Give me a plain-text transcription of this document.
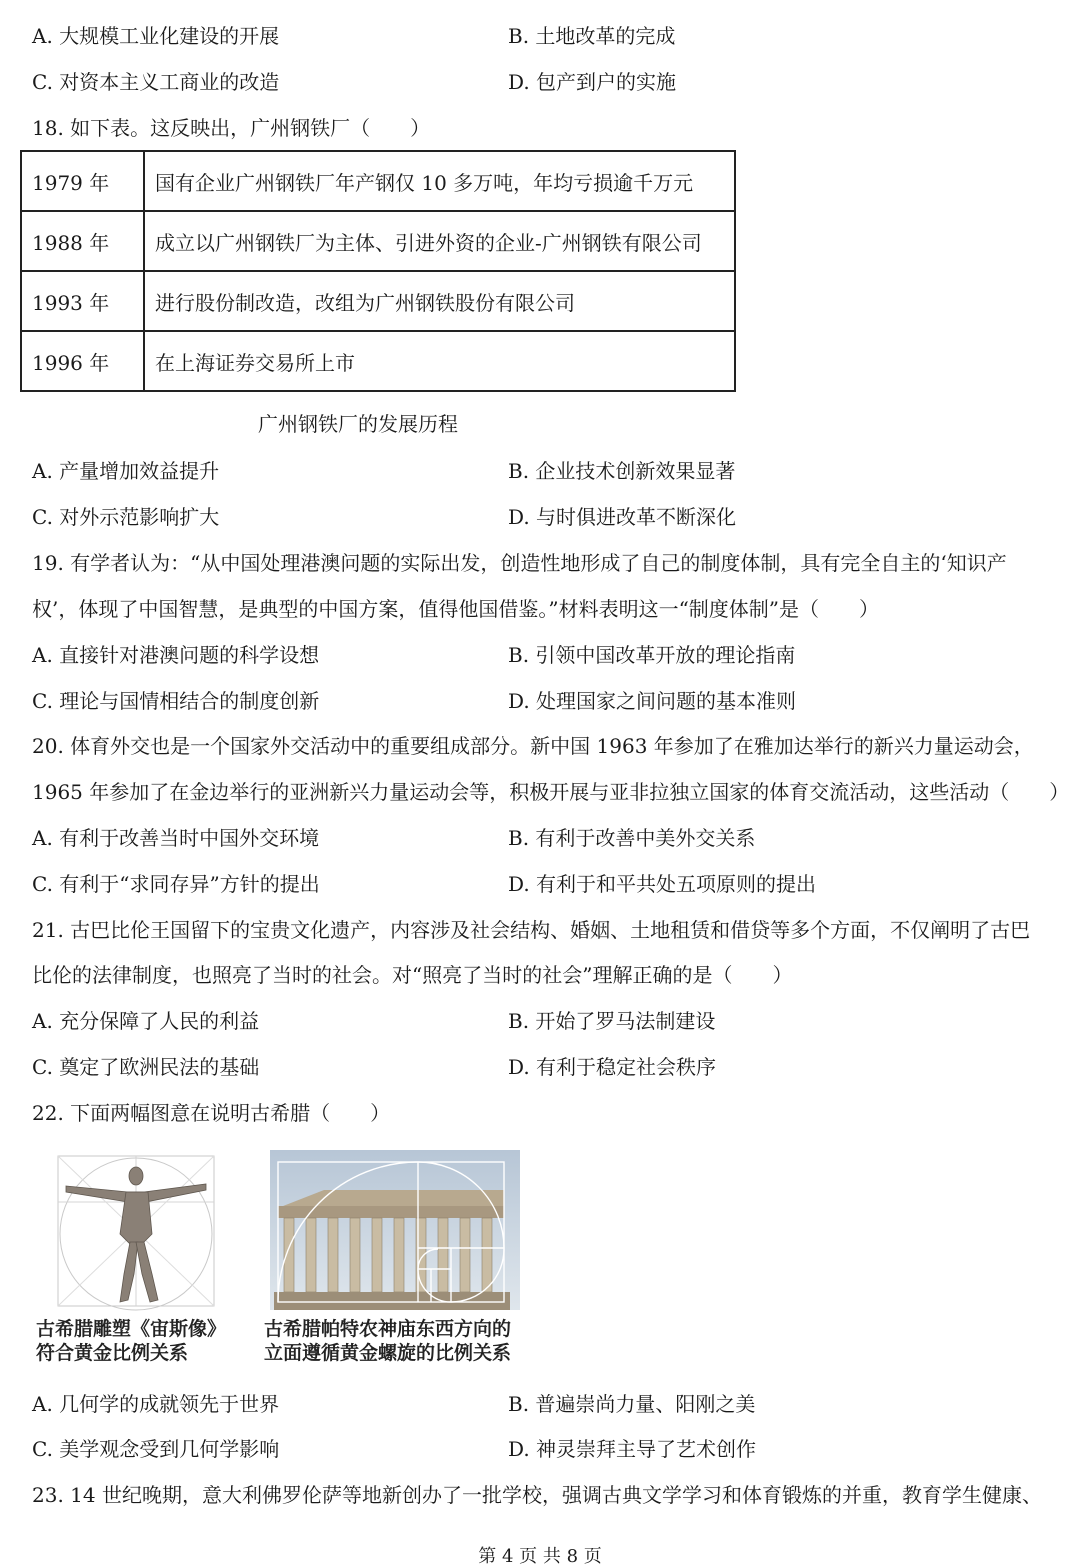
A. 大规模工业化建设的开展	B. 土地改革的完成
C. 对资本主义工商业的改造	D. 包产到户的实施
18. 如下表。这反映出，广州钢铁厂（　　）
1979 年	国有企业广州钢铁厂年产钢仅 10 多万吨，年均亏损逾千万元
1988 年	成立以广州钢铁厂为主体、引进外资的企业-广州钢铁有限公司
1993 年	进行股份制改造，改组为广州钢铁股份有限公司
1996 年	在上海证券交易所上市
广州钢铁厂的发展历程
A. 产量增加效益提升	B. 企业技术创新效果显著
C. 对外示范影响扩大	D. 与时俱进改革不断深化
19. 有学者认为：“从中国处理港澳问题的实际出发，创造性地形成了自己的制度体制，具有完全自主的‘知识产
权’，体现了中国智慧，是典型的中国方案，值得他国借鉴。”材料表明这一“制度体制”是（　　）
A. 直接针对港澳问题的科学设想	B. 引领中国改革开放的理论指南
C. 理论与国情相结合的制度创新	D. 处理国家之间问题的基本准则
20. 体育外交也是一个国家外交活动中的重要组成部分。新中国 1963 年参加了在雅加达举行的新兴力量运动会，
1965 年参加了在金边举行的亚洲新兴力量运动会等，积极开展与亚非拉独立国家的体育交流活动，这些活动（　　）
A. 有利于改善当时中国外交环境	B. 有利于改善中美外交关系
C. 有利于“求同存异”方针的提出	D. 有利于和平共处五项原则的提出
21. 古巴比伦王国留下的宝贵文化遗产，内容涉及社会结构、婚姻、土地租赁和借贷等多个方面，不仅阐明了古巴
比伦的法律制度，也照亮了当时的社会。对“照亮了当时的社会”理解正确的是（　　）
A. 充分保障了人民的利益	B. 开始了罗马法制建设
C. 奠定了欧洲民法的基础	D. 有利于稳定社会秩序
22. 下面两幅图意在说明古希腊（　　）
古希腊雕塑《宙斯像》
符合黄金比例关系
古希腊帕特农神庙东西方向的
立面遵循黄金螺旋的比例关系
A. 几何学的成就领先于世界	B. 普遍崇尚力量、阳刚之美
C. 美学观念受到几何学影响	D. 神灵崇拜主导了艺术创作
23. 14 世纪晚期，意大利佛罗伦萨等地新创办了一批学校，强调古典文学学习和体育锻炼的并重，教育学生健康、
第 4 页 共 8 页
